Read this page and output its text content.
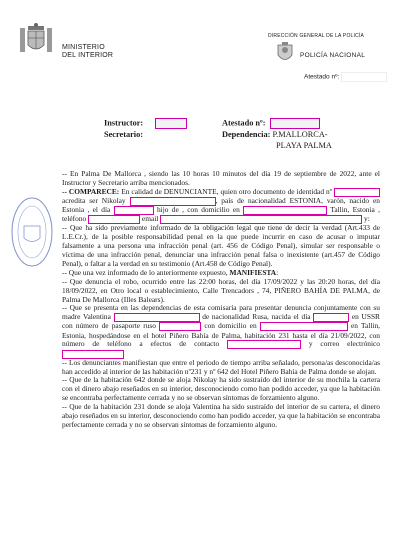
MINISTERIO
DEL INTERIOR
DIRECCIÓN GENERAL DE LA POLICÍA
POLICÍA NACIONAL
Atestado nº:
Instructor:
Secretario:
Atestado nº:
Dependencia: P.MALLORCA-
PLAYA PALMA

-- En Palma De Mallorca , siendo las 10 horas 10 minutos del día 19 de septiembre de 2022, ante el Instructor y Secretario arriba mencionados.

-- COMPARECE: En calidad de DENUNCIANTE, quien otro documento de identidad nº  acredita ser Nikolay	, país de nacionalidad ESTONIA, varón, nacido en Estonia , el día	hijo de , con domicilio en	Tallin, Estonia , teléfono	email	y:

-- Que ha sido previamente informado de la obligación legal que tiene de decir la verdad (Art.433 de L.E.Cr.), de la posible responsabilidad penal en la que puede incurrir en caso de acusar o imputar falsamente a una persona una infracción penal (art. 456 de Código Penal), simular ser responsable o víctima de una infracción penal, denunciar una infracción penal falsa o inexistente (art.457 de Código Penal), o faltar a la verdad en su testimonio (Art.458 de Código Penal).

-- Que una vez informado de lo anteriormente expuesto, MANIFIESTA:

-- Que denuncia el robo, ocurrido entre las 22:00 horas, del día 17/09/2022 y las 20:20 horas, del día 18/09/2022, en Otro local o establecimiento, Calle Trencadors , 74, PIÑERO BAHÍA DE PALMA, de Palma De Mallorca (Illes Balears).

-- Que se presenta en las dependencias de esta comisaría para presentar denuncia conjuntamente con su madre Valentina	de nacionalidad Rusa, nacida el día	en USSR con número de pasaporte ruso	con domicilio en	en Tallin, Estonia, hospedándose en el hotel Piñero Bahía de Palma, habitación 231 hasta el día 21/09/2022, con número de teléfono a efectos de contacto	y correo electrónico

-- Los denunciantes manifiestan que entre el periodo de tiempo arriba señalado, persona/as desconocida/as han accedido al interior de las habitación nº231 y nº 642 del Hotel Piñero Bahía de Palma donde se alojan.

-- Que de la habitación 642 donde se aloja Nikolay ha sido sustraído del interior de su mochila la cartera con el dinero abajo reseñados en su interior, desconociendo como han podido acceder, ya que la habitación se encontraba perfectamente cerrada y no se observan síntomas de forzamiento alguno.

-- Que de la habitación 231 donde se aloja Valentina ha sido sustraído del interior de su cartera, el dinero abajo reseñados en su interior, desconociendo como han podido acceder, ya que la habitación se encontraba perfectamente cerrada y no se observan síntomas de forzamiento alguno.
